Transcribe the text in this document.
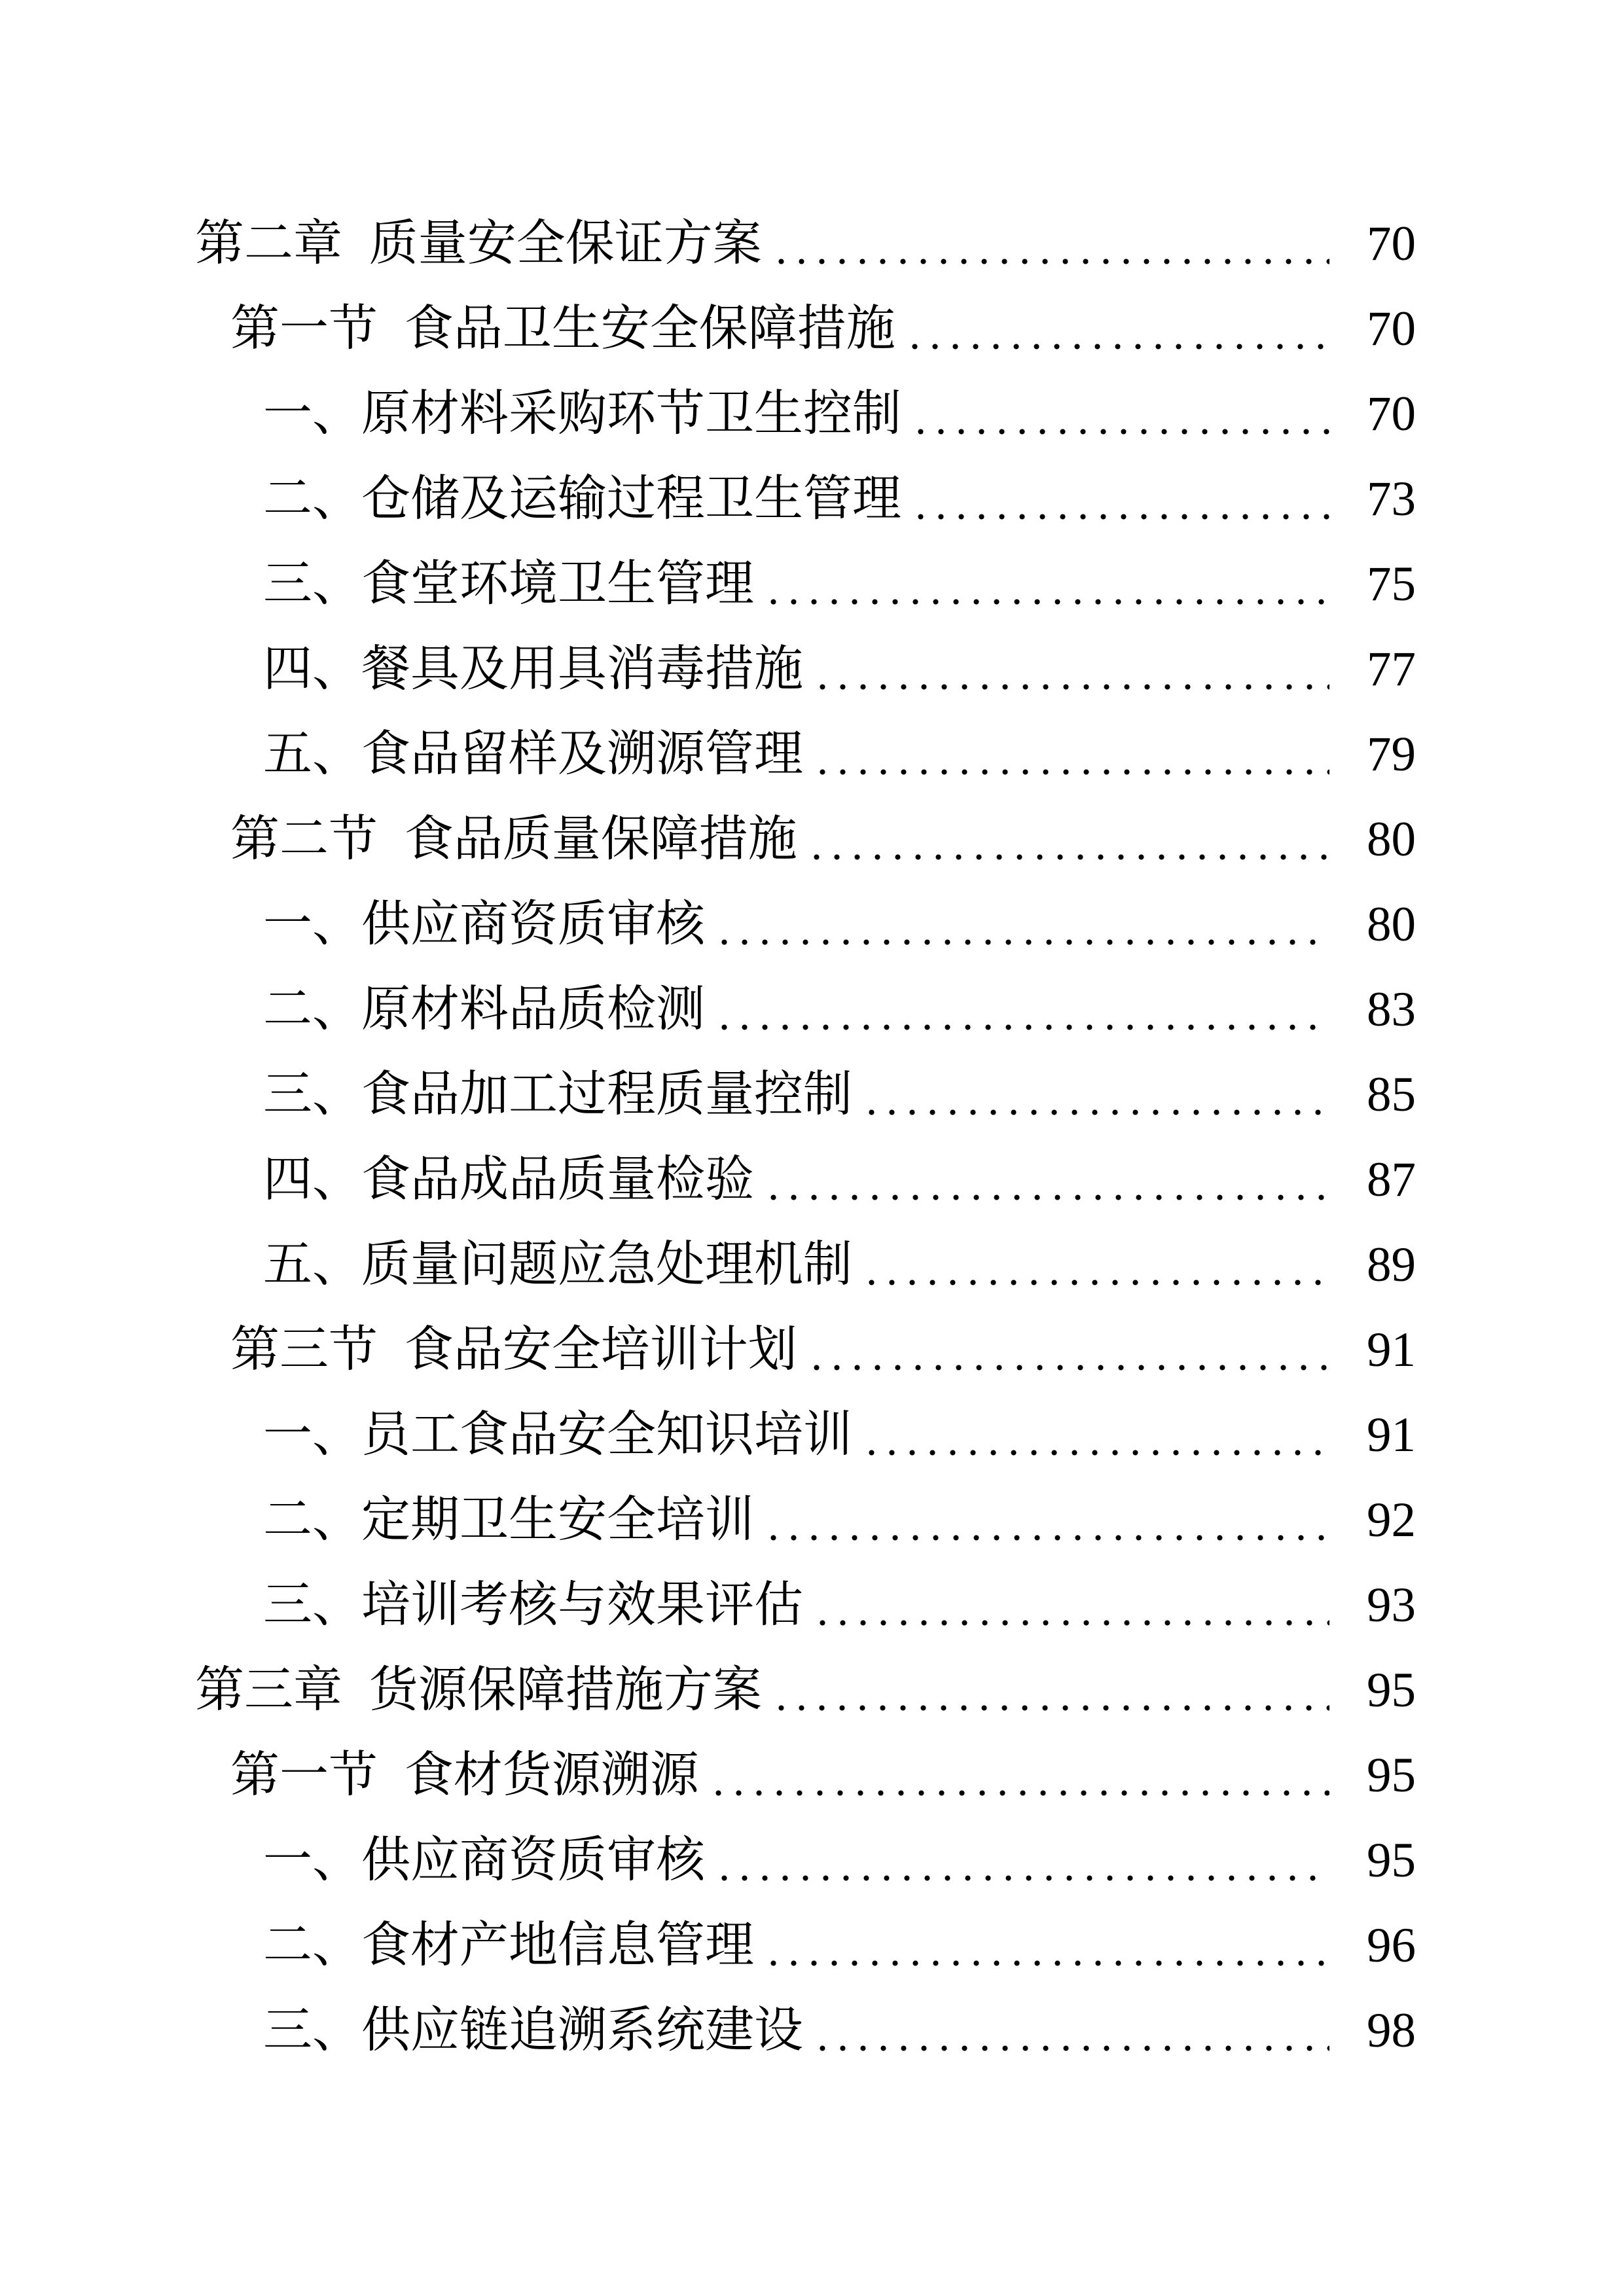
第二章 质量安全保证方案	70
第一节 食品卫生安全保障措施	70
一、原材料采购环节卫生控制	70
二、仓储及运输过程卫生管理	73
三、食堂环境卫生管理	75
四、餐具及用具消毒措施	77
五、食品留样及溯源管理	79
第二节 食品质量保障措施	80
一、供应商资质审核	80
二、原材料品质检测	83
三、食品加工过程质量控制	85
四、食品成品质量检验	87
五、质量问题应急处理机制	89
第三节 食品安全培训计划	91
一、员工食品安全知识培训	91
二、定期卫生安全培训	92
三、培训考核与效果评估	93
第三章 货源保障措施方案	95
第一节 食材货源溯源	95
一、供应商资质审核	95
二、食材产地信息管理	96
三、供应链追溯系统建设	98
